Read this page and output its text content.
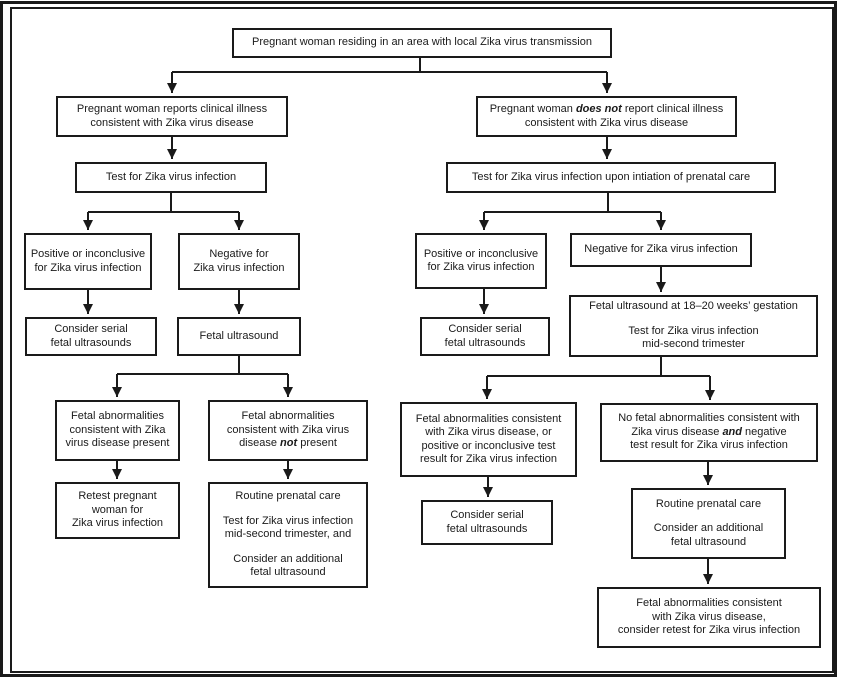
Pregnant woman residing in an area with local Zika virus transmission

Pregnant woman reports clinical illness
consistent with Zika virus disease

Pregnant woman does not report clinical illness
consistent with Zika virus disease

Test for Zika virus infection	Test for Zika virus infection upon intiation of prenatal care

Positive or inconclusive
for Zika virus infection

Negative for
Zika virus infection

Consider serial
fetal ultrasounds

Fetal ultrasound

Fetal abnormalities
consistent with Zika
virus disease present

Fetal abnormalities
consistent with Zika virus
disease not present

Retest pregnant
woman for
Zika virus infection

Routine prenatal care

Test for Zika virus infection
mid-second trimester, and

Consider an additional
fetal ultrasound

Positive or inconclusive
for Zika virus infection

Negative for Zika virus infection

Consider serial
fetal ultrasounds

Fetal ultrasound at 18–20 weeks’ gestation

Test for Zika virus infection
mid-second trimester

Fetal abnormalities consistent
with Zika virus disease, or
positive or inconclusive test
result for Zika virus infection

No fetal abnormalities consistent with
Zika virus disease and negative
test result for Zika virus infection

Consider serial
fetal ultrasounds

Routine prenatal care

Consider an additional
fetal ultrasound

Fetal abnormalities consistent
with Zika virus disease,
consider retest for Zika virus infection
